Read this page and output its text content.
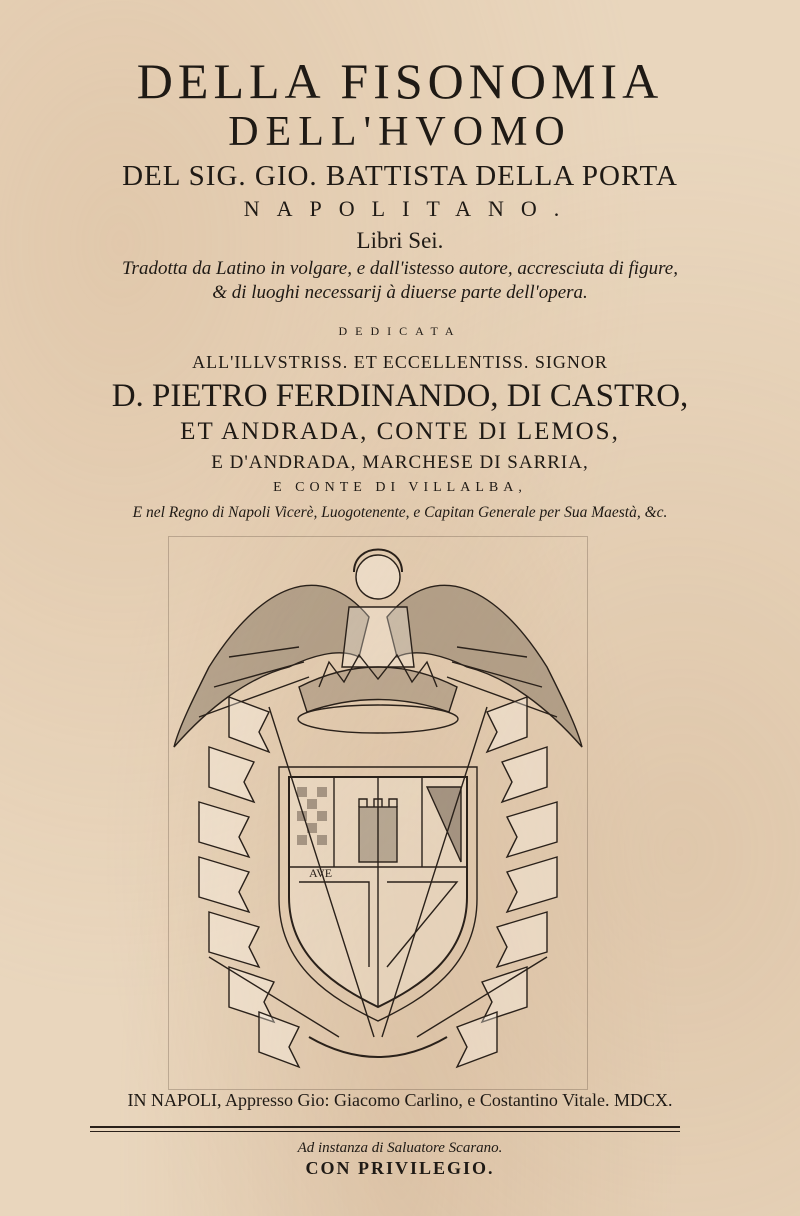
DELLA FISONOMIA
DELL'HVOMO
DEL SIG. GIO. BATTISTA DELLA PORTA
NAPOLITANO.
Libri Sei.
Tradotta da Latino in volgare, e dall'istesso autore, accresciuta di figure,
& di luoghi necessarij à diuerse parte dell'opera.
DEDICATA
ALL'ILLVSTRISS. ET ECCELLENTISS. SIGNOR
D. PIETRO FERDINANDO, DI CASTRO,
ET ANDRADA, CONTE DI LEMOS,
E D'ANDRADA, MARCHESE DI SARRIA,
E CONTE DI VILLALBA,
E nel Regno di Napoli Vicerè, Luogotenente, e Capitan Generale per Sua Maestà, &c.
AVE
IN NAPOLI, Appresso Gio: Giacomo Carlino, e Costantino Vitale. MDCX.
Ad instanza di Saluatore Scarano.
CON PRIVILEGIO.
